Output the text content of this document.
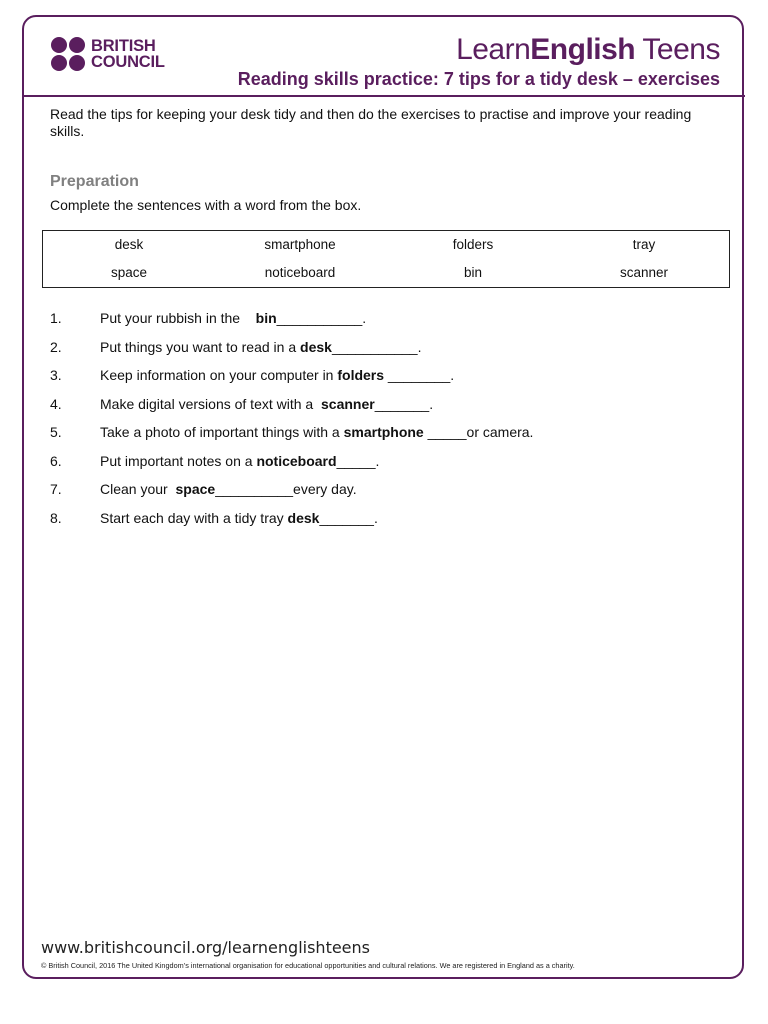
BRITISH
COUNCIL	LearnEnglish Teens
Reading skills practice: 7 tips for a tidy desk – exercises
Read the tips for keeping your desk tidy and then do the exercises to practise and improve your reading skills.
Preparation
Complete the sentences with a word from the box.
desk	smartphone	folders	tray
space	noticeboard	bin	scanner
1.	Put your rubbish in the    bin___________.
2.	Put things you want to read in a desk___________.
3.	Keep information on your computer in folders ________.
4.	Make digital versions of text with a  scanner_______.
5.	Take a photo of important things with a smartphone _____or camera.
6.	Put important notes on a noticeboard_____.
7.	Clean your  space__________every day.
8.	Start each day with a tidy tray desk_______.
www.britishcouncil.org/learnenglishteens
© British Council, 2016 The United Kingdom’s international organisation for educational opportunities and cultural relations. We are registered in England as a charity.
